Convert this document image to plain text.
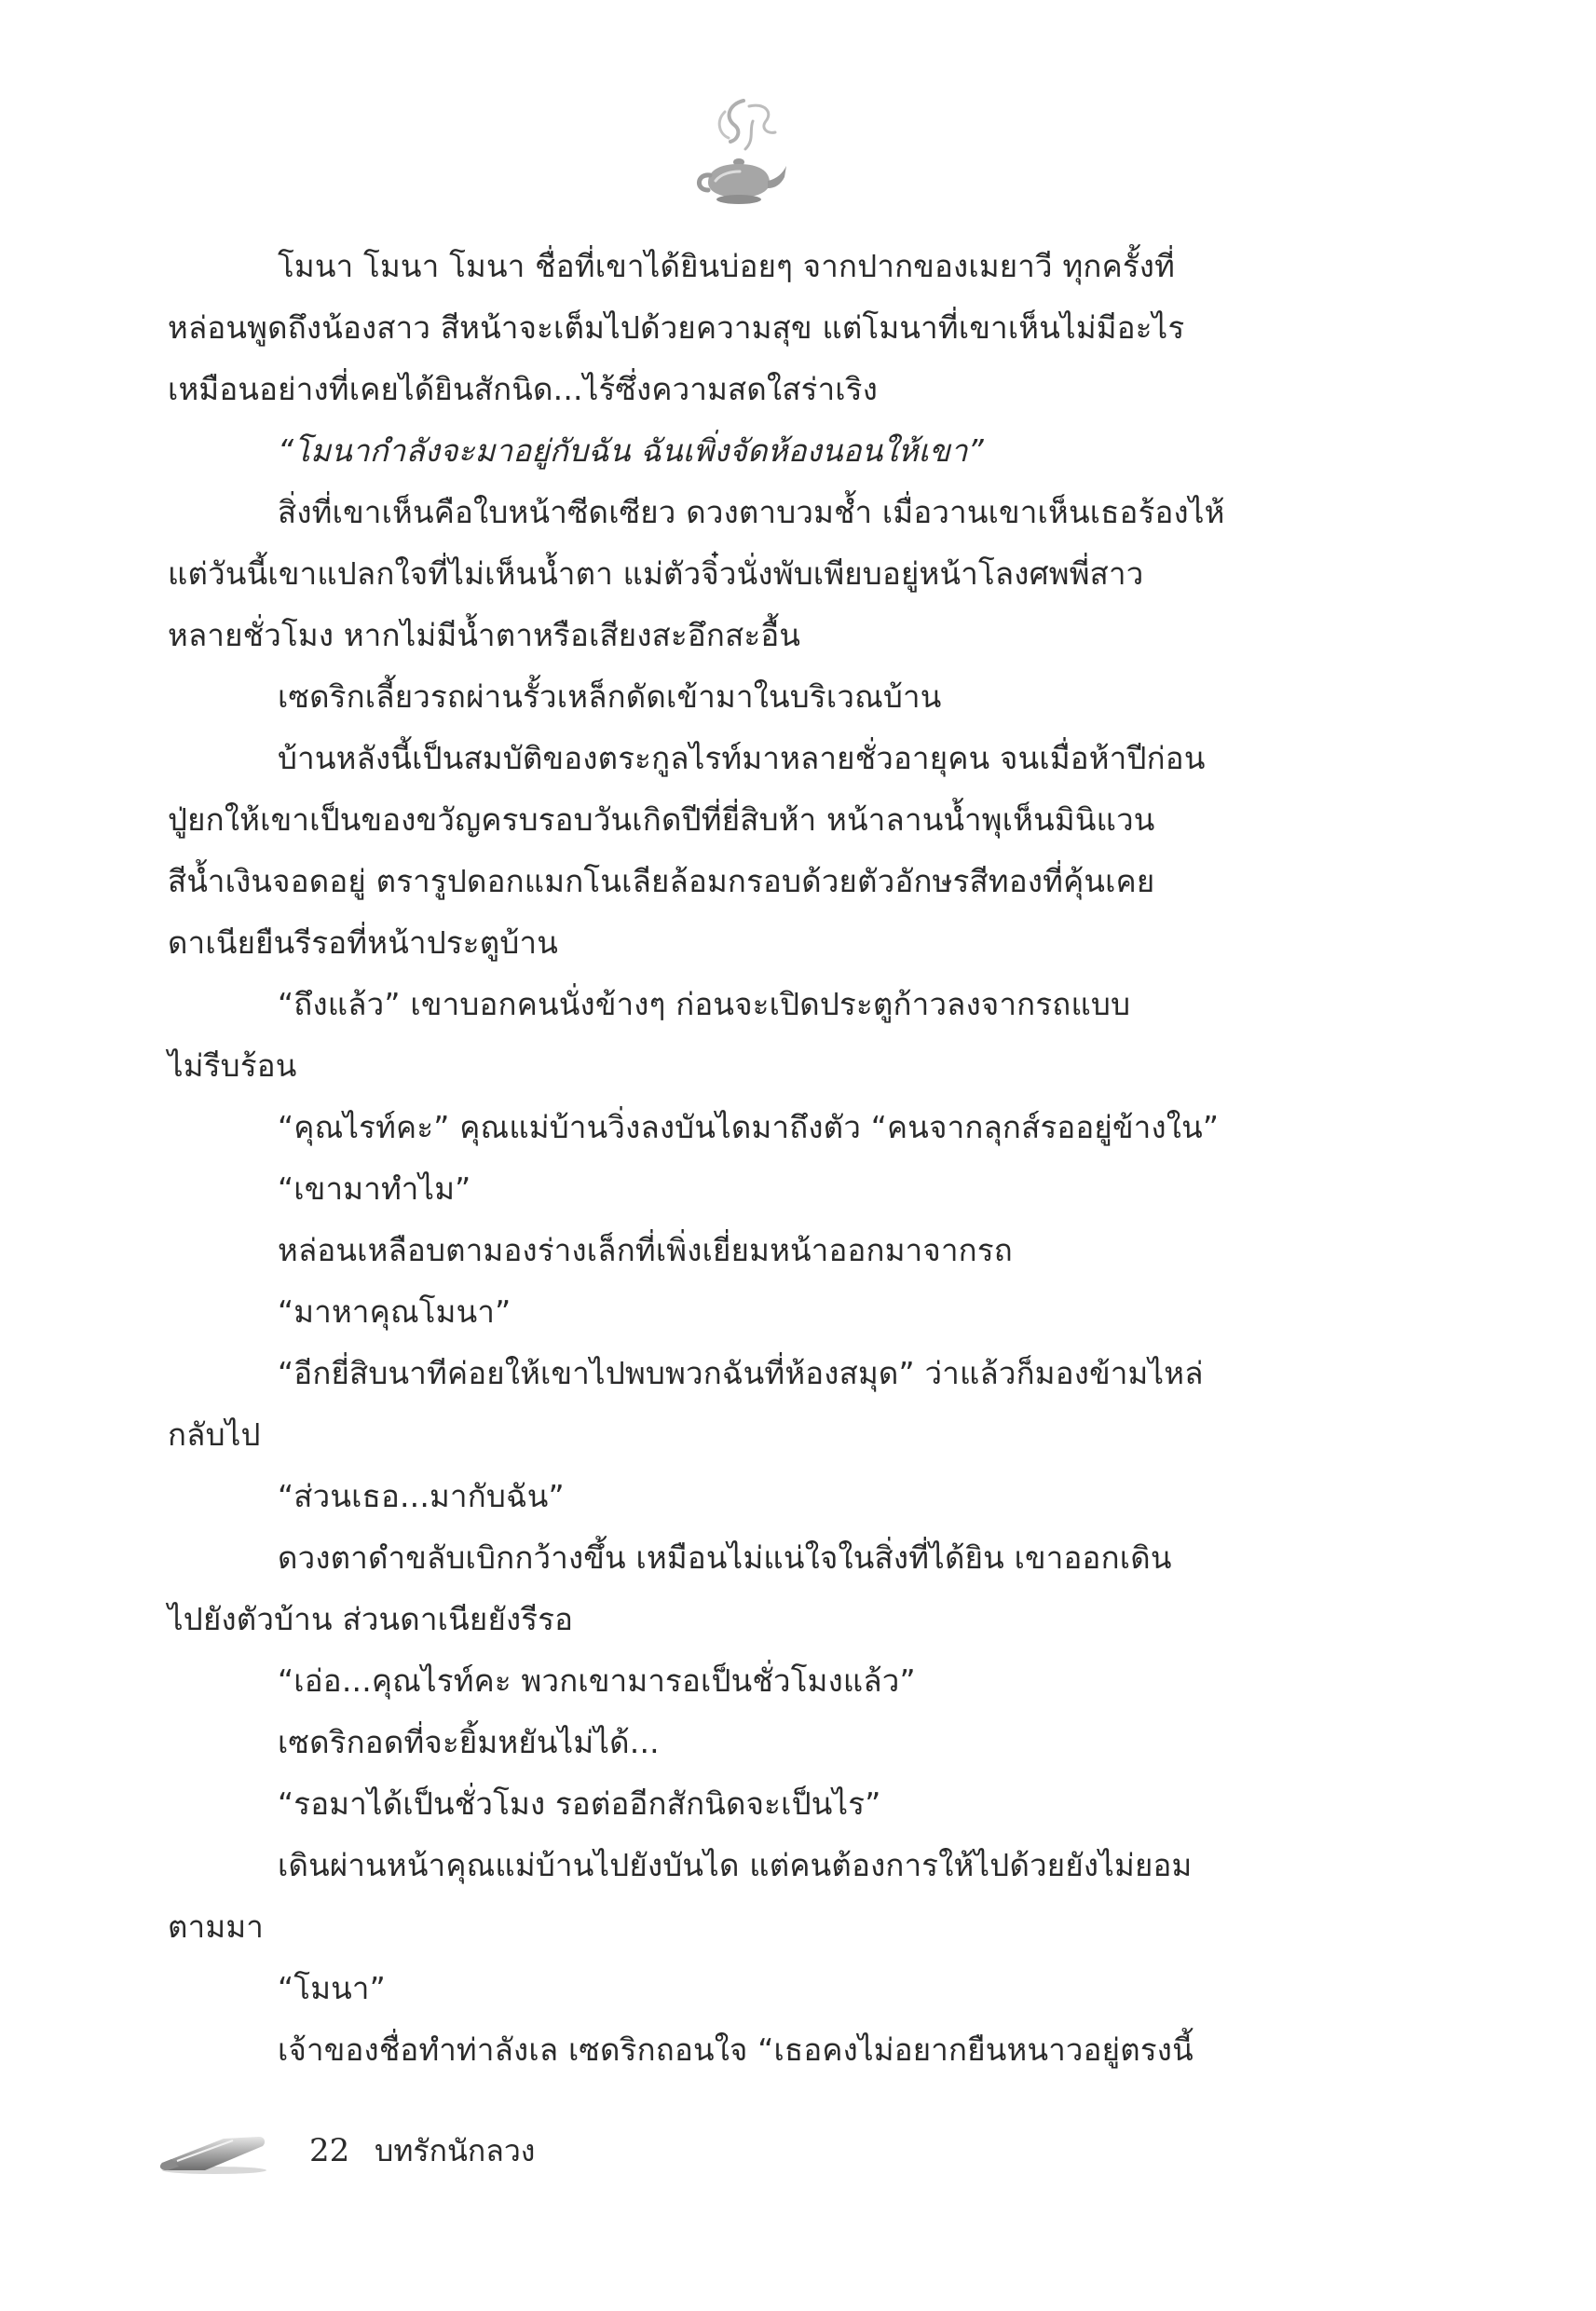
โมนา โมนา โมนา ชื่อที่เขาได้ยินบ่อยๆ จากปากของเมยาวี ทุกครั้งที่
หล่อนพูดถึงน้องสาว สีหน้าจะเต็มไปด้วยความสุข แต่โมนาที่เขาเห็นไม่มีอะไร
เหมือนอย่างที่เคยได้ยินสักนิด...ไร้ซึ่งความสดใสร่าเริง
“โมนากำลังจะมาอยู่กับฉัน ฉันเพิ่งจัดห้องนอนให้เขา”
สิ่งที่เขาเห็นคือใบหน้าซีดเซียว ดวงตาบวมช้ำ เมื่อวานเขาเห็นเธอร้องไห้
แต่วันนี้เขาแปลกใจที่ไม่เห็นน้ำตา แม่ตัวจิ๋วนั่งพับเพียบอยู่หน้าโลงศพพี่สาว
หลายชั่วโมง หากไม่มีน้ำตาหรือเสียงสะอึกสะอื้น
เซดริกเลี้ยวรถผ่านรั้วเหล็กดัดเข้ามาในบริเวณบ้าน
บ้านหลังนี้เป็นสมบัติของตระกูลไรท์มาหลายชั่วอายุคน จนเมื่อห้าปีก่อน
ปู่ยกให้เขาเป็นของขวัญครบรอบวันเกิดปีที่ยี่สิบห้า หน้าลานน้ำพุเห็นมินิแวน
สีน้ำเงินจอดอยู่ ตรารูปดอกแมกโนเลียล้อมกรอบด้วยตัวอักษรสีทองที่คุ้นเคย
ดาเนียยืนรีรอที่หน้าประตูบ้าน
“ถึงแล้ว” เขาบอกคนนั่งข้างๆ ก่อนจะเปิดประตูก้าวลงจากรถแบบ
ไม่รีบร้อน
“คุณไรท์คะ” คุณแม่บ้านวิ่งลงบันไดมาถึงตัว “คนจากลุกส์รออยู่ข้างใน”
“เขามาทำไม”
หล่อนเหลือบตามองร่างเล็กที่เพิ่งเยี่ยมหน้าออกมาจากรถ
“มาหาคุณโมนา”
“อีกยี่สิบนาทีค่อยให้เขาไปพบพวกฉันที่ห้องสมุด” ว่าแล้วก็มองข้ามไหล่
กลับไป
“ส่วนเธอ...มากับฉัน”
ดวงตาดำขลับเบิกกว้างขึ้น เหมือนไม่แน่ใจในสิ่งที่ได้ยิน เขาออกเดิน
ไปยังตัวบ้าน ส่วนดาเนียยังรีรอ
“เอ่อ...คุณไรท์คะ พวกเขามารอเป็นชั่วโมงแล้ว”
เซดริกอดที่จะยิ้มหยันไม่ได้...
“รอมาได้เป็นชั่วโมง รอต่ออีกสักนิดจะเป็นไร”
เดินผ่านหน้าคุณแม่บ้านไปยังบันได แต่คนต้องการให้ไปด้วยยังไม่ยอม
ตามมา
“โมนา”
เจ้าของชื่อทำท่าลังเล เซดริกถอนใจ “เธอคงไม่อยากยืนหนาวอยู่ตรงนี้
22 บทรักนักลวง
